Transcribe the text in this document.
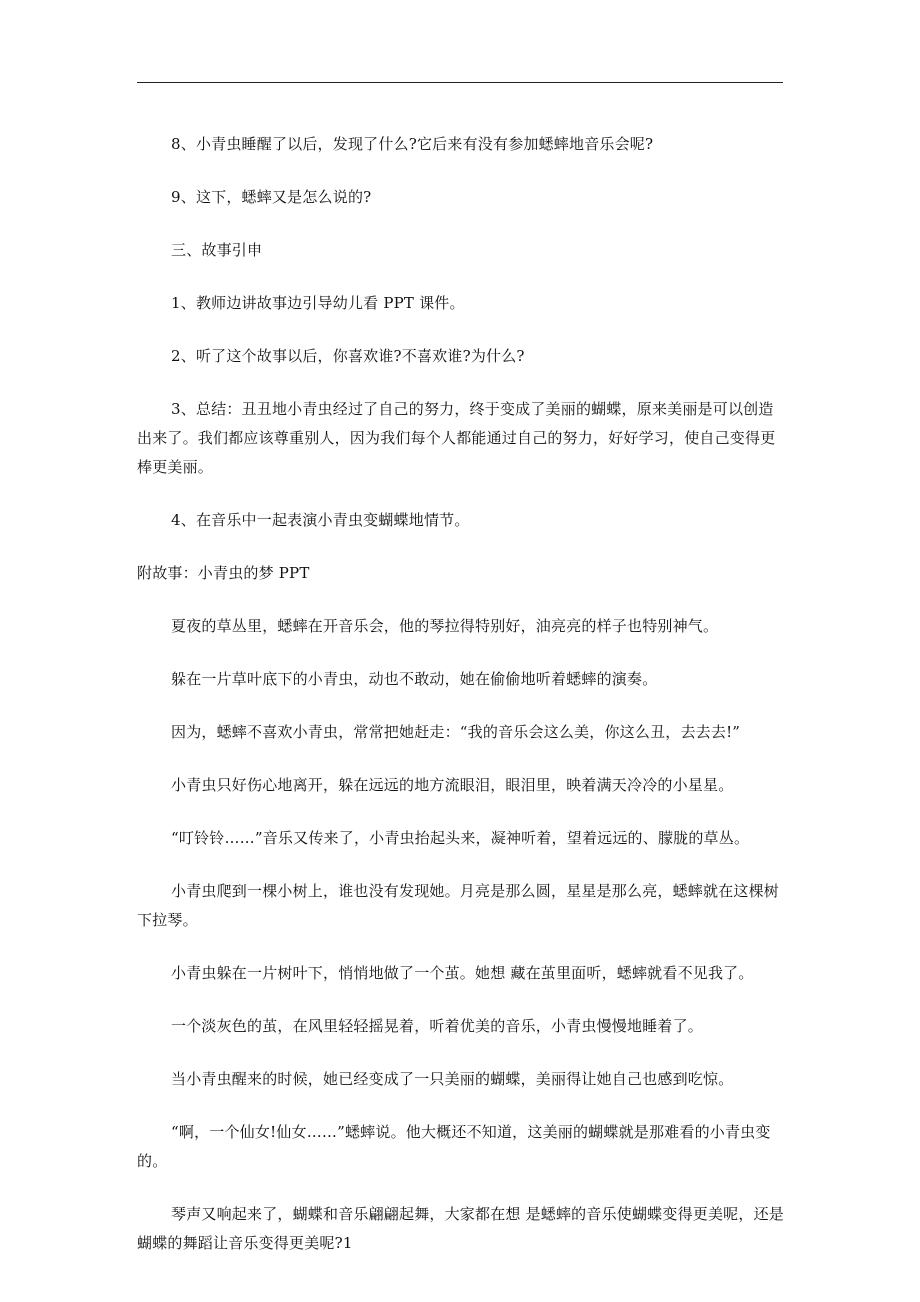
8、小青虫睡醒了以后，发现了什么?它后来有没有参加蟋蟀地音乐会呢?

9、这下，蟋蟀又是怎么说的?

三、故事引申

1、教师边讲故事边引导幼儿看 PPT 课件。

2、听了这个故事以后，你喜欢谁?不喜欢谁?为什么?

3、总结：丑丑地小青虫经过了自己的努力，终于变成了美丽的蝴蝶，原来美丽是可以创造出来了。我们都应该尊重别人，因为我们每个人都能通过自己的努力，好好学习，使自己变得更棒更美丽。

4、在音乐中一起表演小青虫变蝴蝶地情节。

附故事：小青虫的梦 PPT

夏夜的草丛里，蟋蟀在开音乐会，他的琴拉得特别好，油亮亮的样子也特别神气。

躲在一片草叶底下的小青虫，动也不敢动，她在偷偷地听着蟋蟀的演奏。

因为，蟋蟀不喜欢小青虫，常常把她赶走：“我的音乐会这么美，你这么丑，去去去!”

小青虫只好伤心地离开，躲在远远的地方流眼泪，眼泪里，映着满天冷冷的小星星。

“叮铃铃……”音乐又传来了，小青虫抬起头来，凝神听着，望着远远的、朦胧的草丛。

小青虫爬到一棵小树上，谁也没有发现她。月亮是那么圆，星星是那么亮，蟋蟀就在这棵树下拉琴。

小青虫躲在一片树叶下，悄悄地做了一个茧。她想 藏在茧里面听，蟋蟀就看不见我了。

一个淡灰色的茧，在风里轻轻摇晃着，听着优美的音乐，小青虫慢慢地睡着了。

当小青虫醒来的时候，她已经变成了一只美丽的蝴蝶，美丽得让她自己也感到吃惊。

“啊，一个仙女!仙女……”蟋蟀说。他大概还不知道，这美丽的蝴蝶就是那难看的小青虫变的。

琴声又响起来了，蝴蝶和音乐翩翩起舞，大家都在想 是蟋蟀的音乐使蝴蝶变得更美呢，还是蝴蝶的舞蹈让音乐变得更美呢?1
